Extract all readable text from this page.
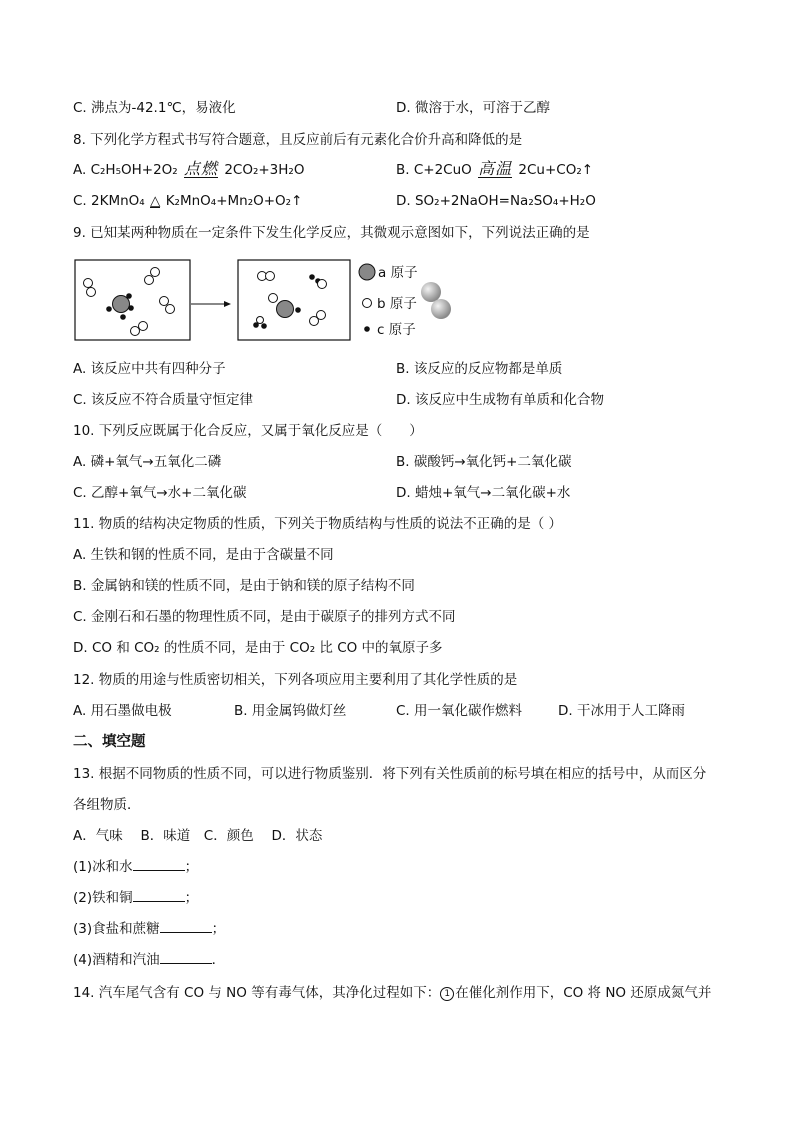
C. 沸点为-42.1℃，易液化	D. 微溶于水，可溶于乙醇
8. 下列化学方程式书写符合题意，且反应前后有元素化合价升高和降低的是
A. C₂H₅OH+2O₂ 点燃 2CO₂+3H₂O	B. C+2CuO 高温 2Cu+CO₂↑
C. 2KMnO₄ △ K₂MnO₄+Mn₂O+O₂↑	D. SO₂+2NaOH=Na₂SO₄+H₂O
9. 已知某两种物质在一定条件下发生化学反应，其微观示意图如下，下列说法正确的是
a 原子
b 原子
c 原子
A. 该反应中共有四种分子	B. 该反应的反应物都是单质
C. 该反应不符合质量守恒定律	D. 该反应中生成物有单质和化合物
10. 下列反应既属于化合反应，又属于氧化反应是（　　）
A. 磷+氧气→五氧化二磷	B. 碳酸钙→氧化钙+二氧化碳
C. 乙醇+氧气→水+二氧化碳	D. 蜡烛+氧气→二氧化碳+水
11. 物质的结构决定物质的性质，下列关于物质结构与性质的说法不正确的是（ ）
A. 生铁和钢的性质不同，是由于含碳量不同
B. 金属钠和镁的性质不同，是由于钠和镁的原子结构不同
C. 金刚石和石墨的物理性质不同，是由于碳原子的排列方式不同
D. CO 和 CO₂ 的性质不同，是由于 CO₂ 比 CO 中的氧原子多
12. 物质的用途与性质密切相关，下列各项应用主要利用了其化学性质的是
A. 用石墨做电极	B. 用金属钨做灯丝	C. 用一氧化碳作燃料	D. 干冰用于人工降雨
二、填空题
13. 根据不同物质的性质不同，可以进行物质鉴别．将下列有关性质前的标号填在相应的括号中，从而区分
各组物质．
A．气味　 B．味道　C．颜色　 D．状态
(1)冰和水	；
(2)铁和铜	；
(3)食盐和蔗糖	；
(4)酒精和汽油	．
14. 汽车尾气含有 CO 与 NO 等有毒气体，其净化过程如下： 1 在催化剂作用下，CO 将 NO 还原成氮气并
